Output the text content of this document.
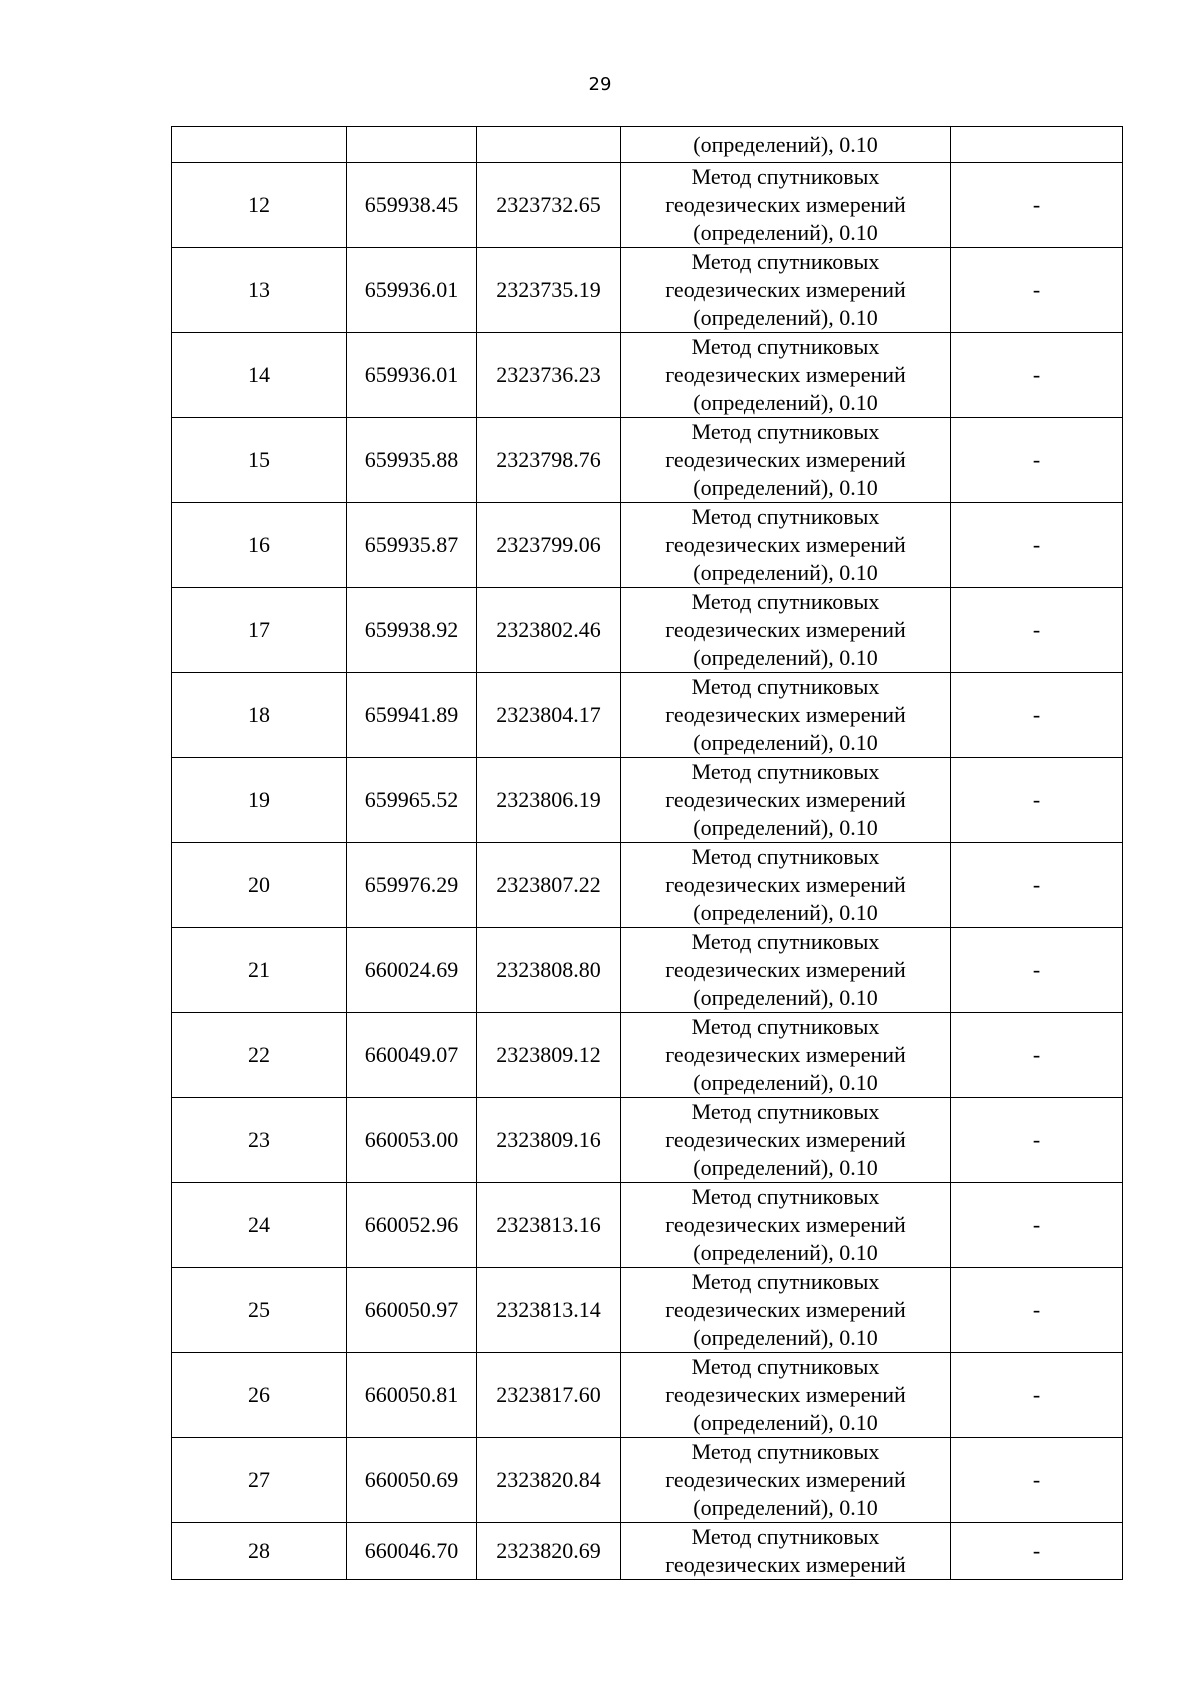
29

			(определений), 0.10	

12	659938.45	2323732.65	Метод спутниковых
геодезических измерений
(определений), 0.10	-
13	659936.01	2323735.19	Метод спутниковых
геодезических измерений
(определений), 0.10	-
14	659936.01	2323736.23	Метод спутниковых
геодезических измерений
(определений), 0.10	-
15	659935.88	2323798.76	Метод спутниковых
геодезических измерений
(определений), 0.10	-
16	659935.87	2323799.06	Метод спутниковых
геодезических измерений
(определений), 0.10	-
17	659938.92	2323802.46	Метод спутниковых
геодезических измерений
(определений), 0.10	-
18	659941.89	2323804.17	Метод спутниковых
геодезических измерений
(определений), 0.10	-
19	659965.52	2323806.19	Метод спутниковых
геодезических измерений
(определений), 0.10	-
20	659976.29	2323807.22	Метод спутниковых
геодезических измерений
(определений), 0.10	-
21	660024.69	2323808.80	Метод спутниковых
геодезических измерений
(определений), 0.10	-
22	660049.07	2323809.12	Метод спутниковых
геодезических измерений
(определений), 0.10	-
23	660053.00	2323809.16	Метод спутниковых
геодезических измерений
(определений), 0.10	-
24	660052.96	2323813.16	Метод спутниковых
геодезических измерений
(определений), 0.10	-
25	660050.97	2323813.14	Метод спутниковых
геодезических измерений
(определений), 0.10	-
26	660050.81	2323817.60	Метод спутниковых
геодезических измерений
(определений), 0.10	-
27	660050.69	2323820.84	Метод спутниковых
геодезических измерений
(определений), 0.10	-
28	660046.70	2323820.69	Метод спутниковых
геодезических измерений	-
